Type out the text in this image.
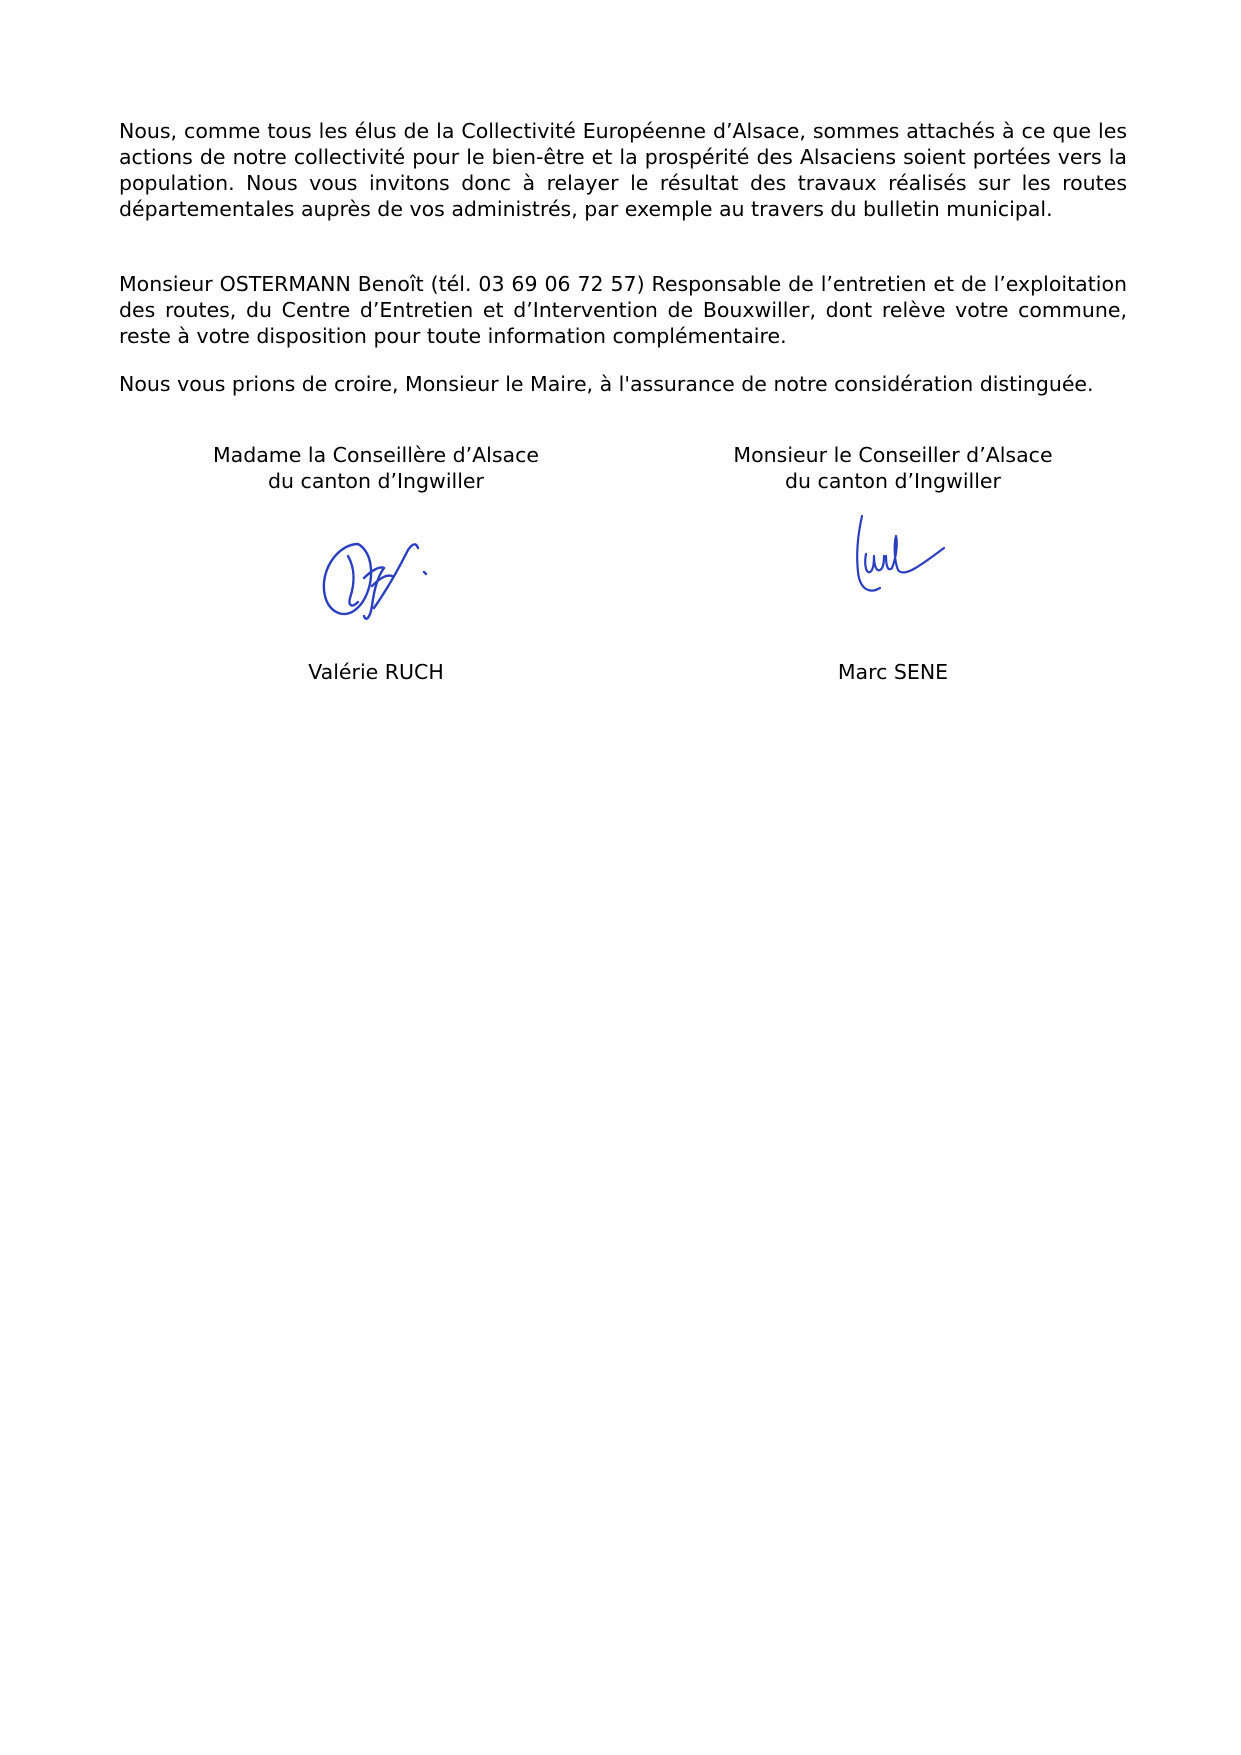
Nous, comme tous les élus de la Collectivité Européenne d’Alsace, sommes attachés à ce que les actions de notre collectivité pour le bien-être et la prospérité des Alsaciens soient portées vers la population. Nous vous invitons donc à relayer le résultat des travaux réalisés sur les routes départementales auprès de vos administrés, par exemple au travers du bulletin municipal.

Monsieur OSTERMANN Benoît (tél. 03 69 06 72 57) Responsable de l’entretien et de l’exploitation des routes, du Centre d’Entretien et d’Intervention de Bouxwiller, dont relève votre commune, reste à votre disposition pour toute information complémentaire.

Nous vous prions de croire, Monsieur le Maire, à l'assurance de notre considération distinguée.

Madame la Conseillère d’Alsace
du canton d’Ingwiller
Monsieur le Conseiller d’Alsace
du canton d’Ingwiller
Valérie RUCH	Marc SENE
